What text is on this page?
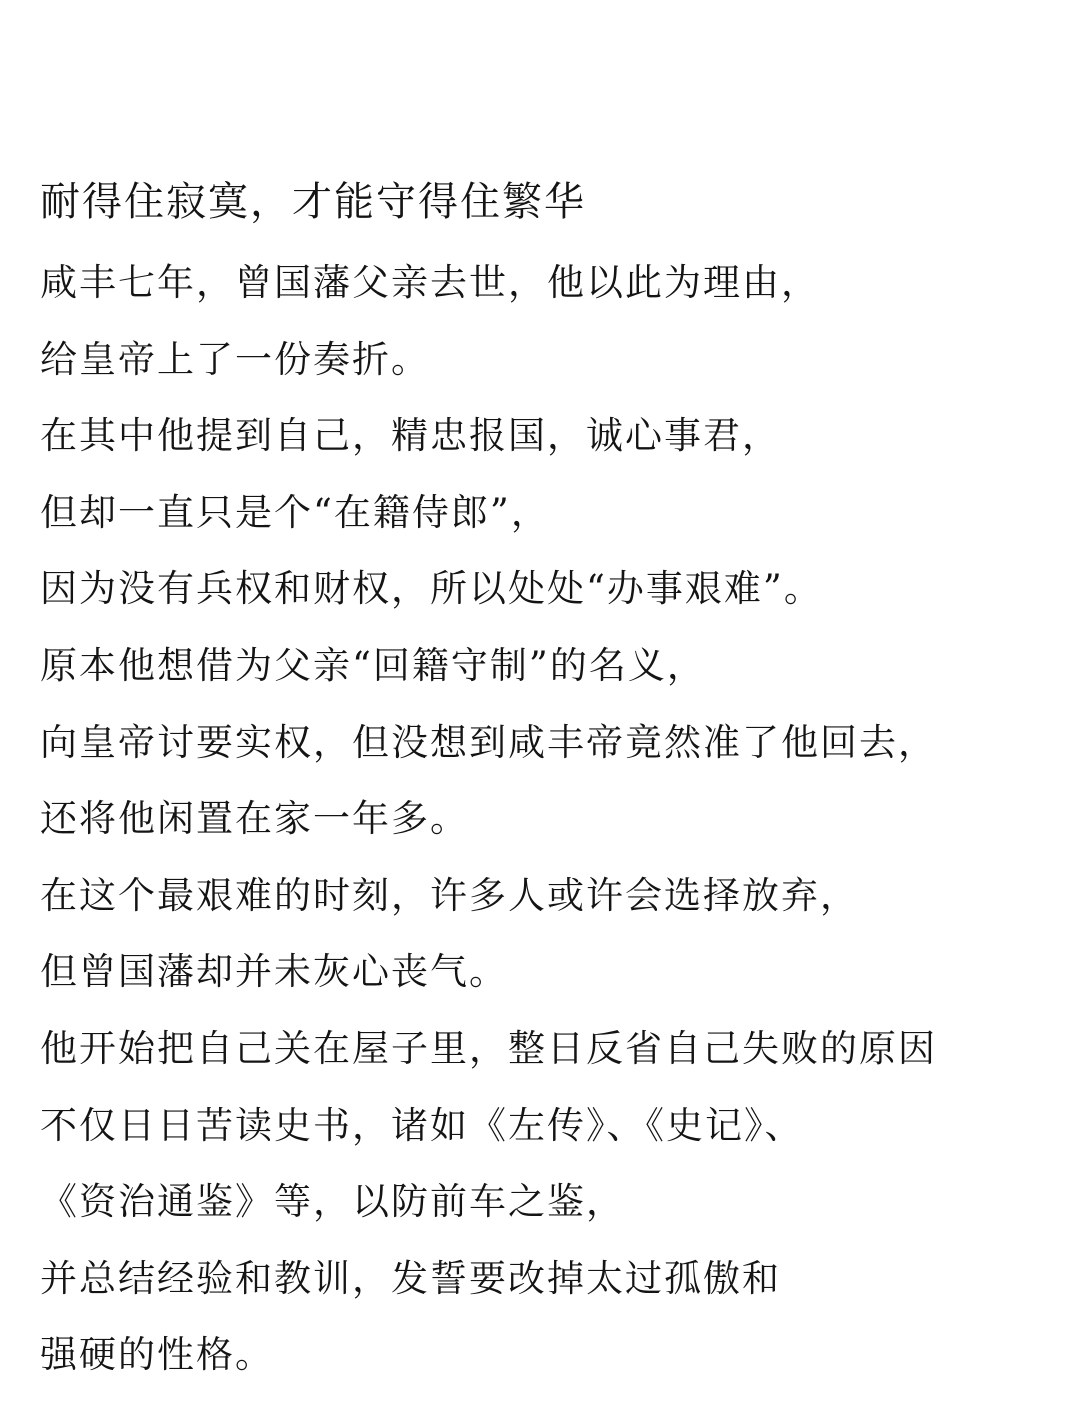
耐得住寂寞，才能守得住繁华
咸丰七年，曾国藩父亲去世，他以此为理由，
给皇帝上了一份奏折。
在其中他提到自己，精忠报国，诚心事君，
但却一直只是个“在籍侍郎”，
因为没有兵权和财权，所以处处“办事艰难”。
原本他想借为父亲“回籍守制”的名义，
向皇帝讨要实权，但没想到咸丰帝竟然准了他回去，
还将他闲置在家一年多。
在这个最艰难的时刻，许多人或许会选择放弃，
但曾国藩却并未灰心丧气。
他开始把自己关在屋子里，整日反省自己失败的原因
不仅日日苦读史书，诸如《左传》、《史记》、
《资治通鉴》等，以防前车之鉴，
并总结经验和教训，发誓要改掉太过孤傲和
强硬的性格。
